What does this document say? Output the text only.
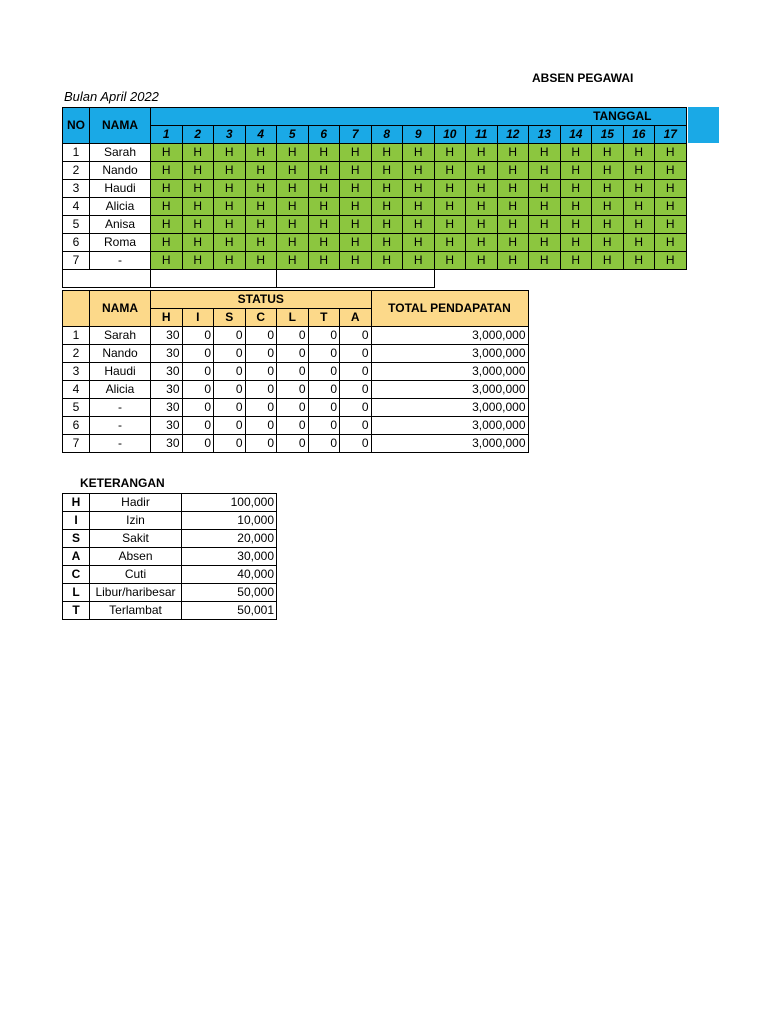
ABSEN PEGAWAI
Bulan April 2022
NO	NAMA	TANGGAL																
		1	2	3	4	5	6	7	8	9	10	11	12	13	14	15	16	17
1	Sarah	H	H	H	H	H	H	H	H	H	H	H	H	H	H	H	H	H
2	Nando	H	H	H	H	H	H	H	H	H	H	H	H	H	H	H	H	H
3	Haudi	H	H	H	H	H	H	H	H	H	H	H	H	H	H	H	H	H
4	Alicia	H	H	H	H	H	H	H	H	H	H	H	H	H	H	H	H	H
5	Anisa	H	H	H	H	H	H	H	H	H	H	H	H	H	H	H	H	H
6	Roma	H	H	H	H	H	H	H	H	H	H	H	H	H	H	H	H	H
7	-	H	H	H	H	H	H	H	H	H	H	H	H	H	H	H	H	H

	NAMA	STATUS							TOTAL PENDAPATAN
		H	I	S	C	L	T	A	
1	Sarah	30	0	0	0	0	0	0	3,000,000
2	Nando	30	0	0	0	0	0	0	3,000,000
3	Haudi	30	0	0	0	0	0	0	3,000,000
4	Alicia	30	0	0	0	0	0	0	3,000,000
5	-	30	0	0	0	0	0	0	3,000,000
6	-	30	0	0	0	0	0	0	3,000,000
7	-	30	0	0	0	0	0	0	3,000,000
KETERANGAN
H	Hadir	100,000
I	Izin	10,000
S	Sakit	20,000
A	Absen	30,000
C	Cuti	40,000
L	Libur/haribesar	50,000
T	Terlambat	50,001
